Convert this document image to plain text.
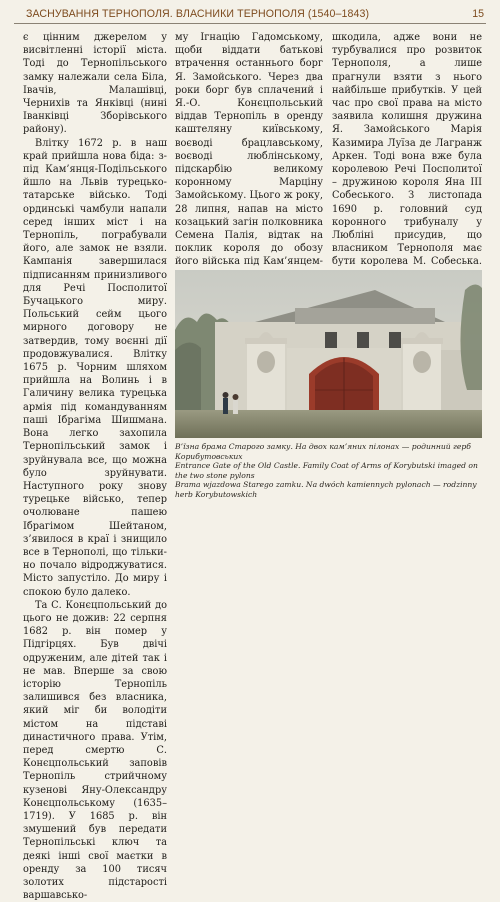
ЗАСНУВАННЯ ТЕРНОПОЛЯ. ВЛАСНИКИ ТЕРНОПОЛЯ (1540–1843)	15

є цінним джерелом у висвітленні історії міста. Тоді до Тернопільського замку належали села Біла, Івачів, Малашівці, Чернихів та Янківці (нині Іванківці Зборівського району).

Влітку 1672 р. в наш край прийшла нова біда: з-під Кам’янця-Подільського йшло на Львів турецько-татарське військо. Тоді ординські чамбули напали серед інших міст і на Тернопіль, пограбували його, але замок не взяли. Кампанія завершилася підписанням принизливого для Речі Посполитої Бучацького миру. Польський сейм цього мирного договору не затвердив, тому воєнні дії продовжувалися. Влітку 1675 р. Чорним шляхом прийшла на Волинь і в Галичину велика турецька армія під командуванням паші Ібрагіма Шишмана. Вона легко захопила Тернопільський замок і зруйнувала все, що можна було зруйнувати. Наступного року знову турецьке військо, тепер очолюване пашею Ібрагімом Шейтаном, з’явилося в краї і знищило все в Тернополі, що тільки-но почало відроджуватися. Місто запустіло. До миру і спокою було далеко.

Та С. Конєцпольський до цього не дожив: 22 серпня 1682 р. він помер у Підгірцях. Був двічі одруженим, але дітей так і не мав. Вперше за свою історію Тернопіль залишився без власника, який міг би володіти містом на підставі династичного права. Утім, перед смертю С. Конєцпольський заповів Тернопіль стрийчному кузенові Яну-Олександру Конєцпольському (1635–1719). У 1685 р. він змушений був передати Тернопільські ключ та деякі інші свої маєтки в оренду за 100 тисяч золотих підстарості варшавсько-

му Ігнацію Гадомському, щоби віддати батькові втрачення останнього борг Я. Замойського. Через два роки борг був сплачений і Я.-О. Конєцпольський віддав Тернопіль в оренду каштеляну київському, воєводі брацлавському, воєводі люблінському, підскарбію великому коронному Марціну Замойському. Цього ж року, 28 липня, напав на місто козацький загін полковника Семена Палія, відтак на поклик короля до обозу його війська під Кам’янцем-

шкодила, адже вони не турбувалися про розвиток Тернополя, а лише прагнули взяти з нього найбільше прибутків. У цей час про свої права на місто заявила колишня дружина Я. Замойського Марія Казимира Луїза де Лагранж Аркен. Тоді вона вже була королевою Речі Посполитої – дружиною короля Яна III Собеського. З листопада 1690 р. головний суд коронного трибуналу у Любліні присудив, що власником Тернополя має бути королева М. Собеська.

В’їзна брама Старого замку. На двох кам’яних пілонах — родинний герб Корибутовських
Entrance Gate of the Old Castle. Family Coat of Arms of Korybutski imaged on the two stone pylons
Brama wjazdowa Starego zamku. Na dwóch kamiennych pylonach — rodzinny herb Korybutowskich
